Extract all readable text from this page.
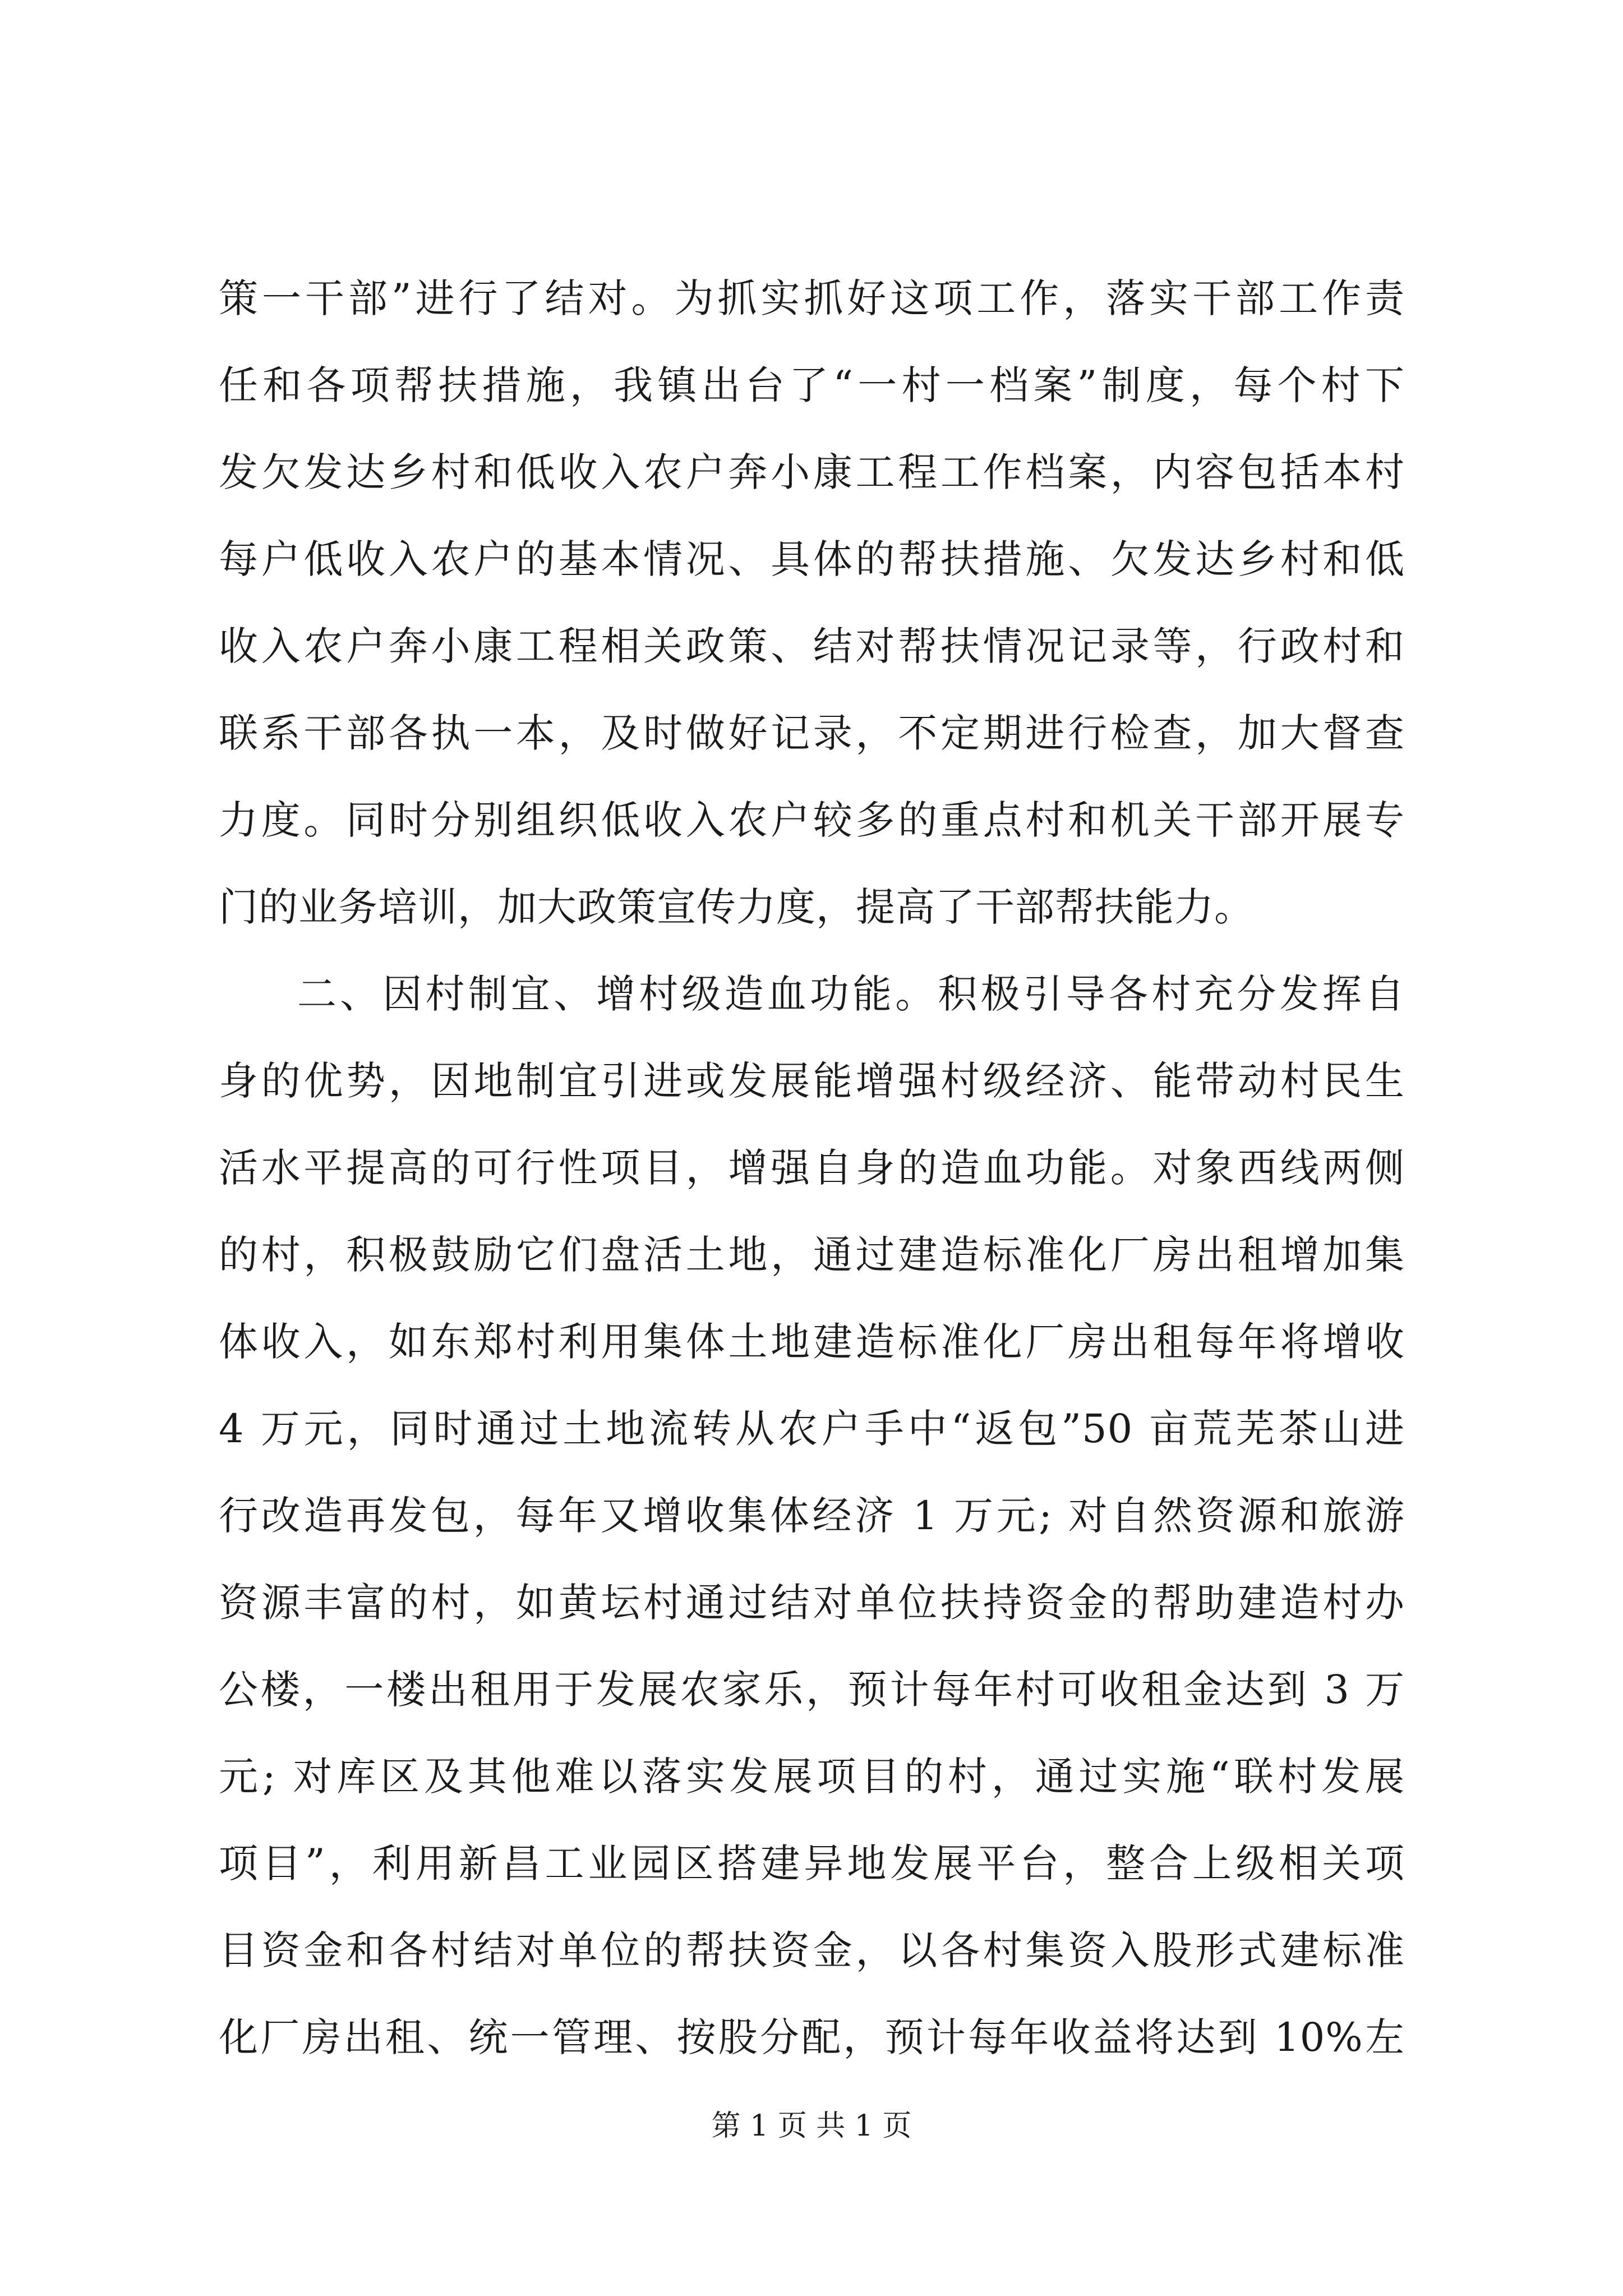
策一干部”进行了结对。为抓实抓好这项工作，落实干部工作责
任和各项帮扶措施，我镇出台了“一村一档案”制度，每个村下
发欠发达乡村和低收入农户奔小康工程工作档案，内容包括本村
每户低收入农户的基本情况、具体的帮扶措施、欠发达乡村和低
收入农户奔小康工程相关政策、结对帮扶情况记录等，行政村和
联系干部各执一本，及时做好记录，不定期进行检查，加大督查
力度。同时分别组织低收入农户较多的重点村和机关干部开展专
门的业务培训，加大政策宣传力度，提高了干部帮扶能力。
二、因村制宜、增村级造血功能。积极引导各村充分发挥自
身的优势，因地制宜引进或发展能增强村级经济、能带动村民生
活水平提高的可行性项目，增强自身的造血功能。对象西线两侧
的村，积极鼓励它们盘活土地，通过建造标准化厂房出租增加集
体收入，如东郑村利用集体土地建造标准化厂房出租每年将增收
4 万元，同时通过土地流转从农户手中“返包”50 亩荒芜茶山进
行改造再发包，每年又增收集体经济 1 万元; 对自然资源和旅游
资源丰富的村，如黄坛村通过结对单位扶持资金的帮助建造村办
公楼，一楼出租用于发展农家乐，预计每年村可收租金达到 3 万
元; 对库区及其他难以落实发展项目的村，通过实施“联村发展
项目”，利用新昌工业园区搭建异地发展平台，整合上级相关项
目资金和各村结对单位的帮扶资金，以各村集资入股形式建标准
化厂房出租、统一管理、按股分配，预计每年收益将达到 10%左
第 1 页 共 1 页
